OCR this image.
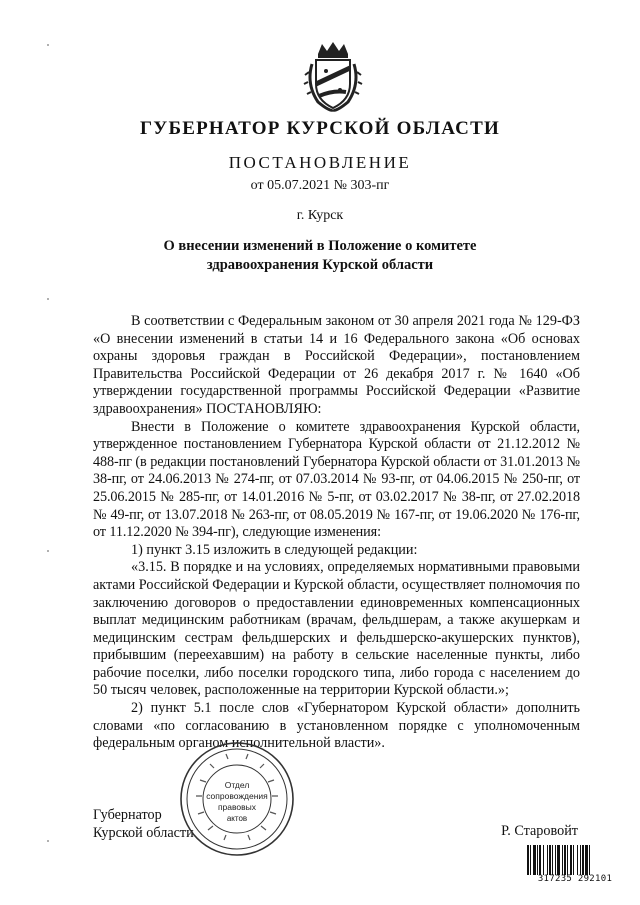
ГУБЕРНАТОР КУРСКОЙ ОБЛАСТИ
ПОСТАНОВЛЕНИЕ
от 05.07.2021 № 303-пг
г. Курск
О внесении изменений в Положение о комитете
здравоохранения Курской области

В соответствии с Федеральным законом от 30 апреля 2021 года № 129-ФЗ «О внесении изменений в статьи 14 и 16 Федерального закона «Об основах охраны здоровья граждан в Российской Федерации», постановлением Правительства Российской Федерации от 26 декабря 2017 г. № 1640 «Об утверждении государственной программы Российской Федерации «Развитие здравоохранения» ПОСТАНОВЛЯЮ:

Внести в Положение о комитете здравоохранения Курской области, утвержденное постановлением Губернатора Курской области от 21.12.2012 № 488-пг (в редакции постановлений Губернатора Курской области от 31.01.2013 № 38-пг, от 24.06.2013 № 274-пг, от 07.03.2014 № 93-пг, от 04.06.2015 № 250-пг, от 25.06.2015 № 285-пг, от 14.01.2016 № 5-пг, от 03.02.2017 № 38-пг, от 27.02.2018 № 49-пг, от 13.07.2018 № 263-пг, от 08.05.2019 № 167-пг, от 19.06.2020 № 176-пг, от 11.12.2020 № 394-пг), следующие изменения:

1) пункт 3.15 изложить в следующей редакции:

«3.15. В порядке и на условиях, определяемых нормативными правовыми актами Российской Федерации и Курской области, осуществляет полномочия по заключению договоров о предоставлении единовременных компенсационных выплат медицинским работникам (врачам, фельдшерам, а также акушеркам и медицинским сестрам фельдшерских и фельдшерско-акушерских пунктов), прибывшим (переехавшим) на работу в сельские населенные пункты, либо рабочие поселки, либо поселки городского типа, либо города с населением до 50 тысяч человек, расположенные на территории Курской области.»;

2) пункт 5.1 после слов «Губернатором Курской области» дополнить словами «по согласованию в установленном порядке с уполномоченным федеральным органом исполнительной власти».

Губернатор
Курской области	Р. Старовойт
Отдел
сопровождения
правовых
актов
317235 292101
